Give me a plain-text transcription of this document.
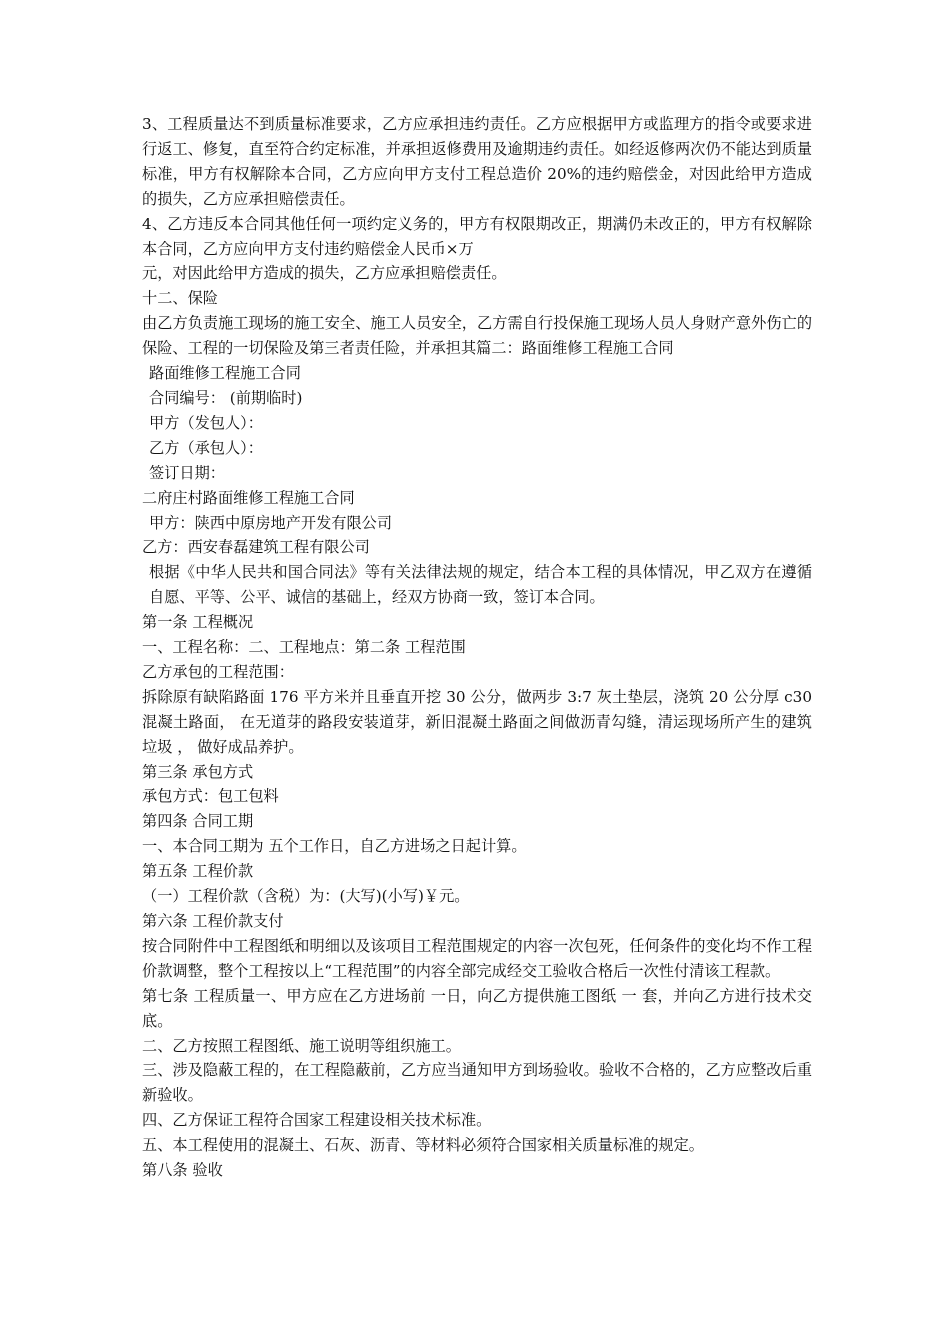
3、工程质量达不到质量标准要求，乙方应承担违约责任。乙方应根据甲方或监理方的指令或要求进行返工、修复，直至符合约定标准，并承担返修费用及逾期违约责任。如经返修两次仍不能达到质量标准，甲方有权解除本合同，乙方应向甲方支付工程总造价 20%的违约赔偿金，对因此给甲方造成的损失，乙方应承担赔偿责任。

4、乙方违反本合同其他任何一项约定义务的，甲方有权限期改正，期满仍未改正的，甲方有权解除本合同，乙方应向甲方支付违约赔偿金人民币×万

元，对因此给甲方造成的损失，乙方应承担赔偿责任。

十二、保险

由乙方负责施工现场的施工安全、施工人员安全，乙方需自行投保施工现场人员人身财产意外伤亡的保险、工程的一切保险及第三者责任险，并承担其篇二：路面维修工程施工合同

路面维修工程施工合同

合同编号： (前期临时)

甲方（发包人）：

乙方（承包人）：

签订日期：

二府庄村路面维修工程施工合同

甲方：陕西中原房地产开发有限公司

乙方：西安春磊建筑工程有限公司

根据《中华人民共和国合同法》等有关法律法规的规定，结合本工程的具体情况，甲乙双方在遵循自愿、平等、公平、诚信的基础上，经双方协商一致，签订本合同。

第一条 工程概况

一、工程名称：二、工程地点：第二条 工程范围

乙方承包的工程范围：

拆除原有缺陷路面 176 平方米并且垂直开挖 30 公分，做两步 3:7 灰土垫层，浇筑 20 公分厚 c30 混凝土路面， 在无道芽的路段安装道芽，新旧混凝土路面之间做沥青勾缝，清运现场所产生的建筑垃圾 ， 做好成品养护。

第三条 承包方式

承包方式：包工包料

第四条 合同工期

一、本合同工期为 五个工作日，自乙方进场之日起计算。

第五条 工程价款

（一）工程价款（含税）为：(大写)(小写)￥元。

第六条 工程价款支付

按合同附件中工程图纸和明细以及该项目工程范围规定的内容一次包死，任何条件的变化均不作工程价款调整，整个工程按以上“工程范围”的内容全部完成经交工验收合格后一次性付清该工程款。

第七条 工程质量一、甲方应在乙方进场前 一日，向乙方提供施工图纸 一 套，并向乙方进行技术交底。

二、乙方按照工程图纸、施工说明等组织施工。

三、涉及隐蔽工程的，在工程隐蔽前，乙方应当通知甲方到场验收。验收不合格的，乙方应整改后重新验收。

四、乙方保证工程符合国家工程建设相关技术标准。

五、本工程使用的混凝土、石灰、沥青、等材料必须符合国家相关质量标准的规定。

第八条 验收
